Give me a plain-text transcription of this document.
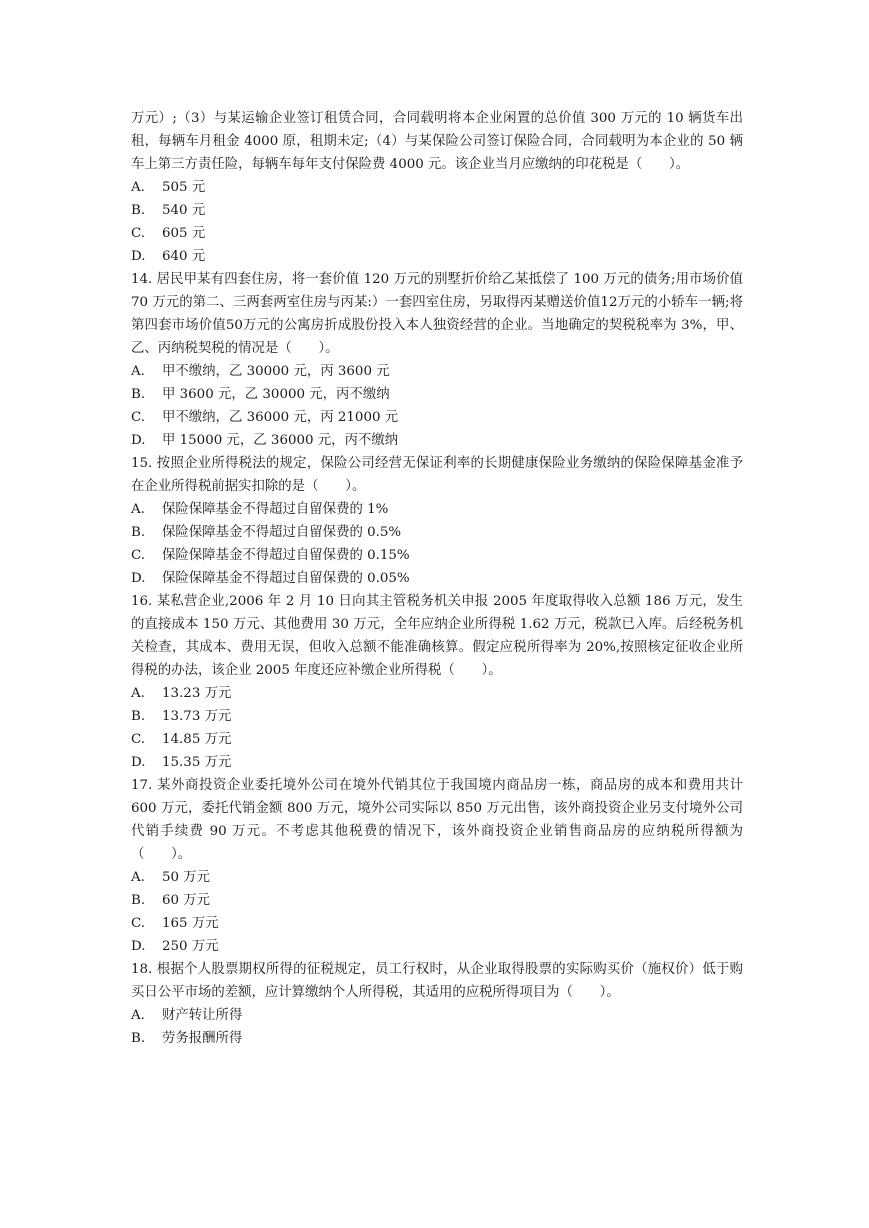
万元）;（3）与某运输企业签订租赁合同，合同载明将本企业闲置的总价值 300 万元的 10 辆货车出租，每辆车月租金 4000 原，租期未定;（4）与某保险公司签订保险合同，合同载明为本企业的 50 辆车上第三方责任险，每辆车每年支付保险费 4000 元。该企业当月应缴纳的印花税是（　　）。

A.	505 元
B.	540 元
C.	605 元
D.	640 元

14. 居民甲某有四套住房，将一套价值 120 万元的别墅折价给乙某抵偿了 100 万元的债务;用市场价值 70 万元的第二、三两套两室住房与丙某:）一套四室住房，另取得丙某赠送价值12万元的小轿车一辆;将第四套市场价值50万元的公寓房折成股份投入本人独资经营的企业。当地确定的契税税率为 3%，甲、乙、丙纳税契税的情况是（　　）。

A.	甲不缴纳，乙 30000 元，丙 3600 元
B.	甲 3600 元，乙 30000 元，丙不缴纳
C.	甲不缴纳，乙 36000 元，丙 21000 元
D.	甲 15000 元，乙 36000 元，丙不缴纳

15. 按照企业所得税法的规定，保险公司经营无保证利率的长期健康保险业务缴纳的保险保障基金准予在企业所得税前据实扣除的是（　　）。

A.	保险保障基金不得超过自留保费的 1%
B.	保险保障基金不得超过自留保费的 0.5%
C.	保险保障基金不得超过自留保费的 0.15%
D.	保险保障基金不得超过自留保费的 0.05%

16. 某私营企业,2006 年 2 月 10 日向其主管税务机关申报 2005 年度取得收入总额 186 万元，发生的直接成本 150 万元、其他费用 30 万元，全年应纳企业所得税 1.62 万元，税款已入库。后经税务机关检查，其成本、费用无误，但收入总额不能准确核算。假定应税所得率为 20%,按照核定征收企业所得税的办法，该企业 2005 年度还应补缴企业所得税（　　）。

A.	13.23 万元
B.	13.73 万元
C.	14.85 万元
D.	15.35 万元

17. 某外商投资企业委托境外公司在境外代销其位于我国境内商品房一栋，商品房的成本和费用共计 600 万元，委托代销金额 800 万元，境外公司实际以 850 万元出售，该外商投资企业另支付境外公司代销手续费 90 万元。不考虑其他税费的情况下，该外商投资企业销售商品房的应纳税所得额为（　　）。

A.	50 万元
B.	60 万元
C.	165 万元
D.	250 万元

18. 根据个人股票期权所得的征税规定，员工行权时，从企业取得股票的实际购买价（施权价）低于购买日公平市场的差额，应计算缴纳个人所得税，其适用的应税所得项目为（　　）。

A.	财产转让所得
B.	劳务报酬所得
